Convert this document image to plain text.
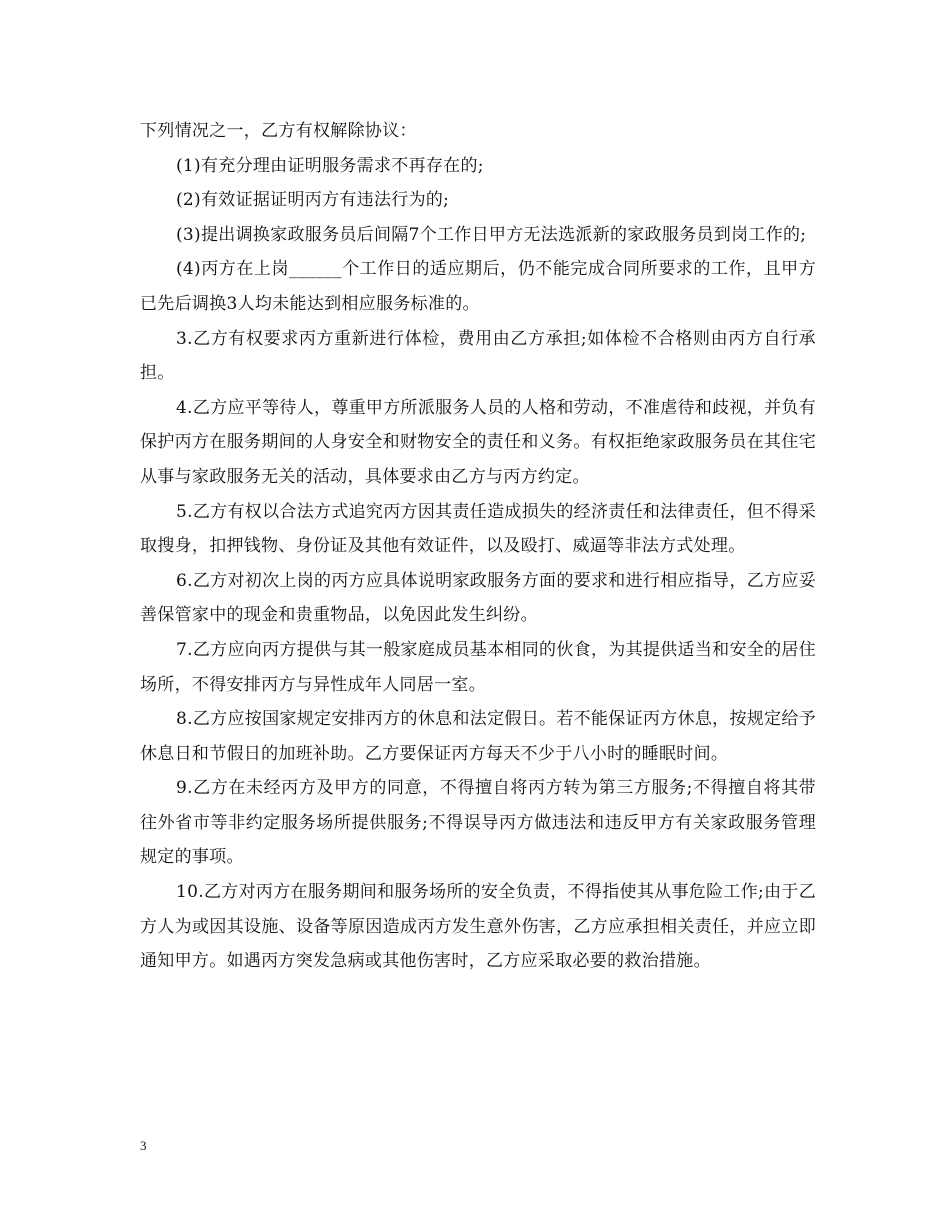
下列情况之一，乙方有权解除协议：

(1)有充分理由证明服务需求不再存在的;

(2)有效证据证明丙方有违法行为的;

(3)提出调换家政服务员后间隔7个工作日甲方无法选派新的家政服务员到岗工作的;

(4)丙方在上岗______个工作日的适应期后，仍不能完成合同所要求的工作，且甲方已先后调换3人均未能达到相应服务标准的。

3.乙方有权要求丙方重新进行体检，费用由乙方承担;如体检不合格则由丙方自行承担。

4.乙方应平等待人，尊重甲方所派服务人员的人格和劳动，不准虐待和歧视，并负有保护丙方在服务期间的人身安全和财物安全的责任和义务。有权拒绝家政服务员在其住宅从事与家政服务无关的活动，具体要求由乙方与丙方约定。

5.乙方有权以合法方式追究丙方因其责任造成损失的经济责任和法律责任，但不得采取搜身，扣押钱物、身份证及其他有效证件，以及殴打、威逼等非法方式处理。

6.乙方对初次上岗的丙方应具体说明家政服务方面的要求和进行相应指导，乙方应妥善保管家中的现金和贵重物品，以免因此发生纠纷。

7.乙方应向丙方提供与其一般家庭成员基本相同的伙食，为其提供适当和安全的居住场所，不得安排丙方与异性成年人同居一室。

8.乙方应按国家规定安排丙方的休息和法定假日。若不能保证丙方休息，按规定给予休息日和节假日的加班补助。乙方要保证丙方每天不少于八小时的睡眠时间。

9.乙方在未经丙方及甲方的同意，不得擅自将丙方转为第三方服务;不得擅自将其带往外省市等非约定服务场所提供服务;不得误导丙方做违法和违反甲方有关家政服务管理规定的事项。

10.乙方对丙方在服务期间和服务场所的安全负责，不得指使其从事危险工作;由于乙方人为或因其设施、设备等原因造成丙方发生意外伤害，乙方应承担相关责任，并应立即通知甲方。如遇丙方突发急病或其他伤害时，乙方应采取必要的救治措施。

3
